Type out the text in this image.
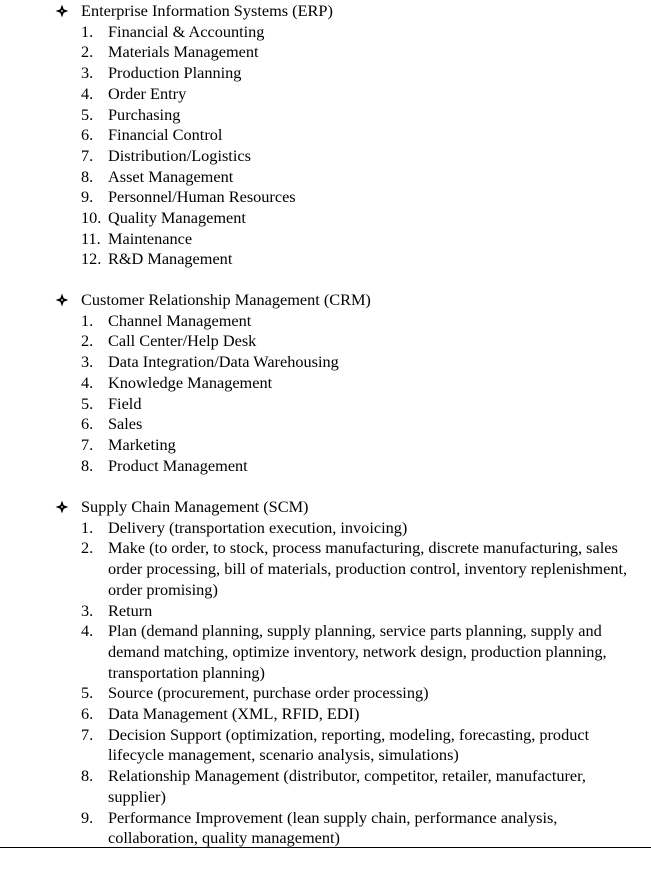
Enterprise Information Systems (ERP)
1. Financial & Accounting
2. Materials Management
3. Production Planning
4. Order Entry
5. Purchasing
6. Financial Control
7. Distribution/Logistics
8. Asset Management
9. Personnel/Human Resources
10. Quality Management
11. Maintenance
12. R&D Management
Customer Relationship Management (CRM)
1. Channel Management
2. Call Center/Help Desk
3. Data Integration/Data Warehousing
4. Knowledge Management
5. Field
6. Sales
7. Marketing
8. Product Management
Supply Chain Management (SCM)
1. Delivery (transportation execution, invoicing)
2. Make (to order, to stock, process manufacturing, discrete manufacturing, sales order processing, bill of materials, production control, inventory replenishment, order promising)
3. Return
4. Plan (demand planning, supply planning, service parts planning, supply and demand matching, optimize inventory, network design, production planning, transportation planning)
5. Source (procurement, purchase order processing)
6. Data Management (XML, RFID, EDI)
7. Decision Support (optimization, reporting, modeling, forecasting, product lifecycle management, scenario analysis, simulations)
8. Relationship Management (distributor, competitor, retailer, manufacturer, supplier)
9. Performance Improvement (lean supply chain, performance analysis, collaboration, quality management)
